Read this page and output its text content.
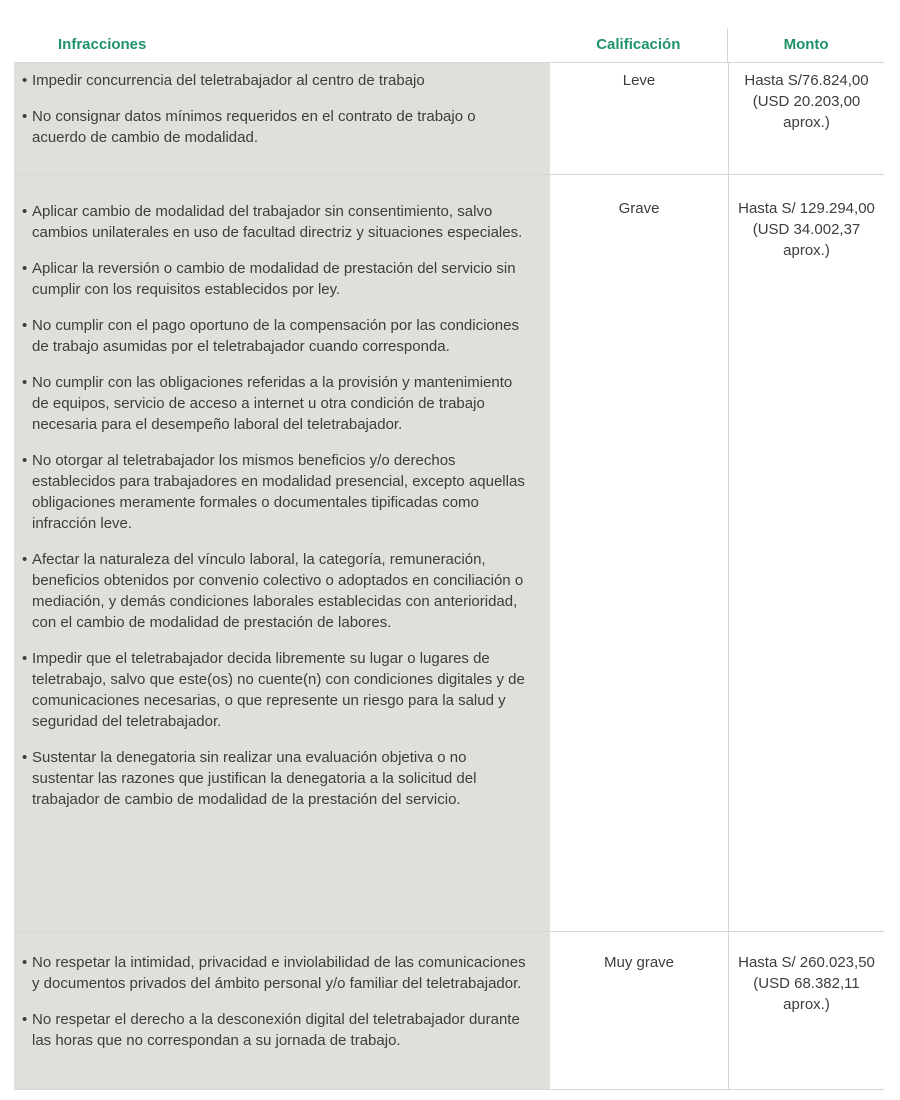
Infracciones	Calificación	Monto
• Impedir concurrencia del teletrabajador al centro de trabajo
• No consignar datos mínimos requeridos en el contrato de trabajo o acuerdo de cambio de modalidad.
Leve	Hasta S/76.824,00 (USD 20.203,00 aprox.)
• Aplicar cambio de modalidad del trabajador sin consentimiento, salvo cambios unilaterales en uso de facultad directriz y situaciones especiales.
• Aplicar la reversión o cambio de modalidad de prestación del servicio sin cumplir con los requisitos establecidos por ley.
• No cumplir con el pago oportuno de la compensación por las condiciones de trabajo asumidas por el teletrabajador cuando corresponda.
• No cumplir con las obligaciones referidas a la provisión y mantenimiento de equipos, servicio de acceso a internet u otra condición de trabajo necesaria para el desempeño laboral del teletrabajador.
• No otorgar al teletrabajador los mismos beneficios y/o derechos establecidos para trabajadores en modalidad presencial, excepto aquellas obligaciones meramente formales o documentales tipificadas como infracción leve.
• Afectar la naturaleza del vínculo laboral, la categoría, remuneración, beneficios obtenidos por convenio colectivo o adoptados en conciliación o mediación, y demás condiciones laborales establecidas con anterioridad, con el cambio de modalidad de prestación de labores.
• Impedir que el teletrabajador decida libremente su lugar o lugares de teletrabajo, salvo que este(os) no cuente(n) con condiciones digitales y de comunicaciones necesarias, o que represente un riesgo para la salud y seguridad del teletrabajador.
• Sustentar la denegatoria sin realizar una evaluación objetiva o no sustentar las razones que justifican la denegatoria a la solicitud del trabajador de cambio de modalidad de la prestación del servicio.
Grave	Hasta S/ 129.294,00 (USD 34.002,37 aprox.)
• No respetar la intimidad, privacidad e inviolabilidad de las comunicaciones y documentos privados del ámbito personal y/o familiar del teletrabajador.
• No respetar el derecho a la desconexión digital del teletrabajador durante las horas que no correspondan a su jornada de trabajo.
Muy grave	Hasta S/ 260.023,50 (USD 68.382,11 aprox.)
